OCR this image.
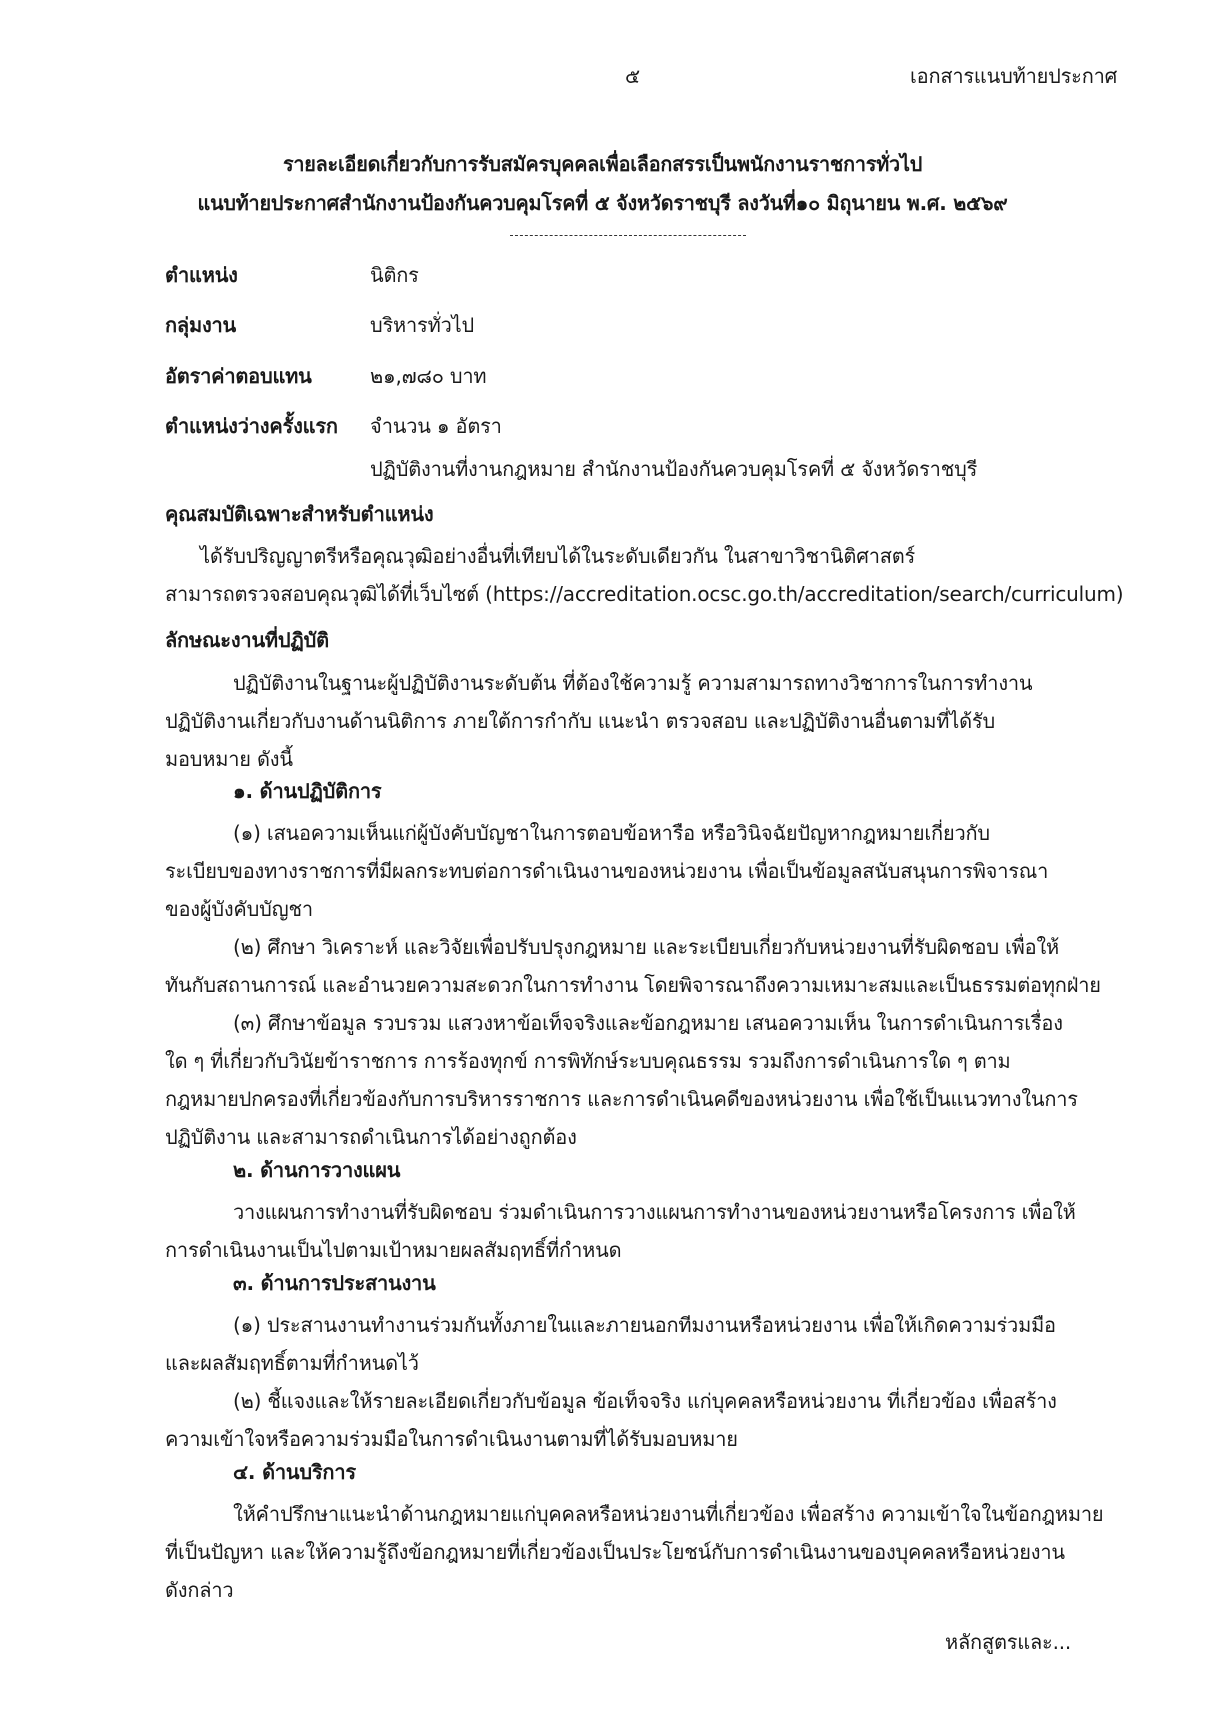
๕	เอกสารแนบท้ายประกาศ
รายละเอียดเกี่ยวกับการรับสมัครบุคคลเพื่อเลือกสรรเป็นพนักงานราชการทั่วไป
แนบท้ายประกาศสำนักงานป้องกันควบคุมโรคที่ ๕ จังหวัดราชบุรี ลงวันที่๑๐ มิถุนายน พ.ศ. ๒๕๖๙
ตำแหน่ง	นิติกร
กลุ่มงาน	บริหารทั่วไป
อัตราค่าตอบแทน	๒๑,๗๘๐ บาท
ตำแหน่งว่างครั้งแรก จำนวน ๑ อัตรา
ปฏิบัติงานที่งานกฎหมาย สำนักงานป้องกันควบคุมโรคที่ ๕ จังหวัดราชบุรี
คุณสมบัติเฉพาะสำหรับตำแหน่ง
ได้รับปริญญาตรีหรือคุณวุฒิอย่างอื่นที่เทียบได้ในระดับเดียวกัน ในสาขาวิชานิติศาสตร์
สามารถตรวจสอบคุณวุฒิได้ที่เว็บไซต์ (https://accreditation.ocsc.go.th/accreditation/search/curriculum)
ลักษณะงานที่ปฏิบัติ
ปฏิบัติงานในฐานะผู้ปฏิบัติงานระดับต้น ที่ต้องใช้ความรู้ ความสามารถทางวิชาการในการทำงาน
ปฏิบัติงานเกี่ยวกับงานด้านนิติการ ภายใต้การกำกับ แนะนำ ตรวจสอบ และปฏิบัติงานอื่นตามที่ได้รับ
มอบหมาย ดังนี้
๑. ด้านปฏิบัติการ
(๑) เสนอความเห็นแก่ผู้บังคับบัญชาในการตอบข้อหารือ หรือวินิจฉัยปัญหากฎหมายเกี่ยวกับ
ระเบียบของทางราชการที่มีผลกระทบต่อการดำเนินงานของหน่วยงาน เพื่อเป็นข้อมูลสนับสนุนการพิจารณา
ของผู้บังคับบัญชา
(๒) ศึกษา วิเคราะห์ และวิจัยเพื่อปรับปรุงกฎหมาย และระเบียบเกี่ยวกับหน่วยงานที่รับผิดชอบ เพื่อให้
ทันกับสถานการณ์ และอำนวยความสะดวกในการทำงาน โดยพิจารณาถึงความเหมาะสมและเป็นธรรมต่อทุกฝ่าย
(๓) ศึกษาข้อมูล รวบรวม แสวงหาข้อเท็จจริงและข้อกฎหมาย เสนอความเห็น ในการดำเนินการเรื่อง
ใด ๆ ที่เกี่ยวกับวินัยข้าราชการ การร้องทุกข์ การพิทักษ์ระบบคุณธรรม รวมถึงการดำเนินการใด ๆ ตาม
กฎหมายปกครองที่เกี่ยวข้องกับการบริหารราชการ และการดำเนินคดีของหน่วยงาน เพื่อใช้เป็นแนวทางในการ
ปฏิบัติงาน และสามารถดำเนินการได้อย่างถูกต้อง
๒. ด้านการวางแผน
วางแผนการทำงานที่รับผิดชอบ ร่วมดำเนินการวางแผนการทำงานของหน่วยงานหรือโครงการ เพื่อให้
การดำเนินงานเป็นไปตามเป้าหมายผลสัมฤทธิ์ที่กำหนด
๓. ด้านการประสานงาน
(๑) ประสานงานทำงานร่วมกันทั้งภายในและภายนอกทีมงานหรือหน่วยงาน เพื่อให้เกิดความร่วมมือ
และผลสัมฤทธิ์ตามที่กำหนดไว้
(๒) ชี้แจงและให้รายละเอียดเกี่ยวกับข้อมูล ข้อเท็จจริง แก่บุคคลหรือหน่วยงาน ที่เกี่ยวข้อง เพื่อสร้าง
ความเข้าใจหรือความร่วมมือในการดำเนินงานตามที่ได้รับมอบหมาย
๔. ด้านบริการ
ให้คำปรึกษาแนะนำด้านกฎหมายแก่บุคคลหรือหน่วยงานที่เกี่ยวข้อง เพื่อสร้าง ความเข้าใจในข้อกฎหมาย
ที่เป็นปัญหา และให้ความรู้ถึงข้อกฎหมายที่เกี่ยวข้องเป็นประโยชน์กับการดำเนินงานของบุคคลหรือหน่วยงาน
ดังกล่าว
หลักสูตรและ...
